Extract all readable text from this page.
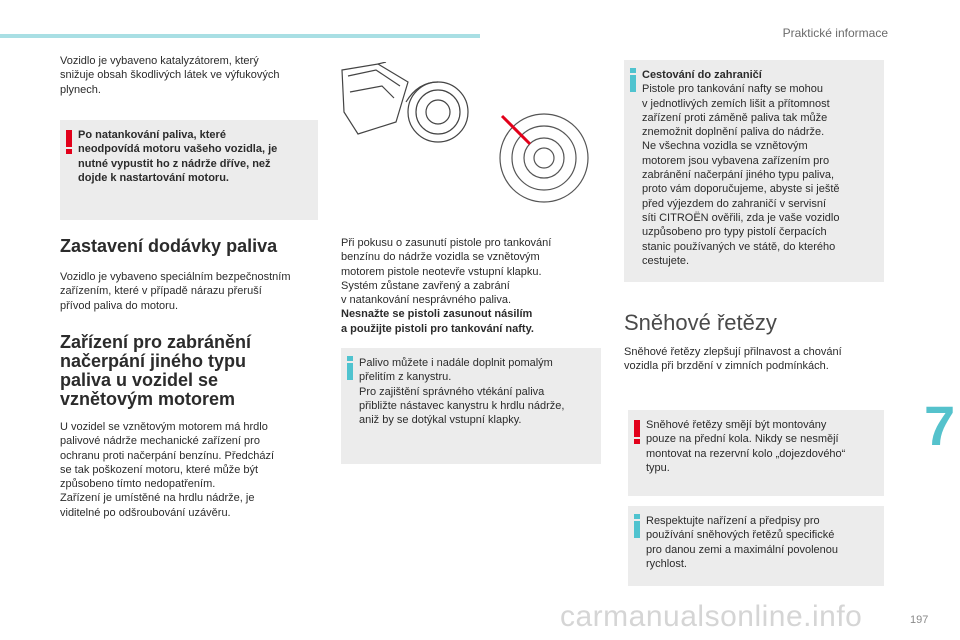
Praktické informace
Vozidlo je vybaveno katalyzátorem, který
snižuje obsah škodlivých látek ve výfukových
plynech.
Po natankování paliva, které
neodpovídá motoru vašeho vozidla, je
nutné vypustit ho z nádrže dříve, než
dojde k nastartování motoru.
Zastavení dodávky paliva
Vozidlo je vybaveno speciálním bezpečnostním
zařízením, které v případě nárazu přeruší
přívod paliva do motoru.
Zařízení pro zabránění
načerpání jiného typu
paliva u vozidel se
vznětovým motorem
U vozidel se vznětovým motorem má hrdlo
palivové nádrže mechanické zařízení pro
ochranu proti načerpání benzínu. Předchází
se tak poškození motoru, které může být
způsobeno tímto nedopatřením.
Zařízení je umístěné na hrdlu nádrže, je
viditelné po odšroubování uzávěru.
Při pokusu o zasunutí pistole pro tankování
benzínu do nádrže vozidla se vznětovým
motorem pistole neotevře vstupní klapku.
Systém zůstane zavřený a zabrání
v natankování nesprávného paliva.
Nesnažte se pistoli zasunout násilím
a použijte pistoli pro tankování nafty.
Palivo můžete i nadále doplnit pomalým
přelitím z kanystru.
Pro zajištění správného vtékání paliva
přibližte nástavec kanystru k hrdlu nádrže,
aniž by se dotýkal vstupní klapky.
Cestování do zahraničí
Pistole pro tankování nafty se mohou
v jednotlivých zemích lišit a přítomnost
zařízení proti záměně paliva tak může
znemožnit doplnění paliva do nádrže.
Ne všechna vozidla se vznětovým
motorem jsou vybavena zařízením pro
zabránění načerpání jiného typu paliva,
proto vám doporučujeme, abyste si ještě
před výjezdem do zahraničí v servisní
síti CITROËN ověřili, zda je vaše vozidlo
uzpůsobeno pro typy pistolí čerpacích
stanic používaných ve státě, do kterého
cestujete.
Sněhové řetězy
Sněhové řetězy zlepšují přilnavost a chování
vozidla při brzdění v zimních podmínkách.
Sněhové řetězy smějí být montovány
pouze na přední kola. Nikdy se nesmějí
montovat na rezervní kolo „dojezdového“
typu.
Respektujte nařízení a předpisy pro
používání sněhových řetězů specifické
pro danou zemi a maximální povolenou
rychlost.
7
carmanualsonline.info	197
